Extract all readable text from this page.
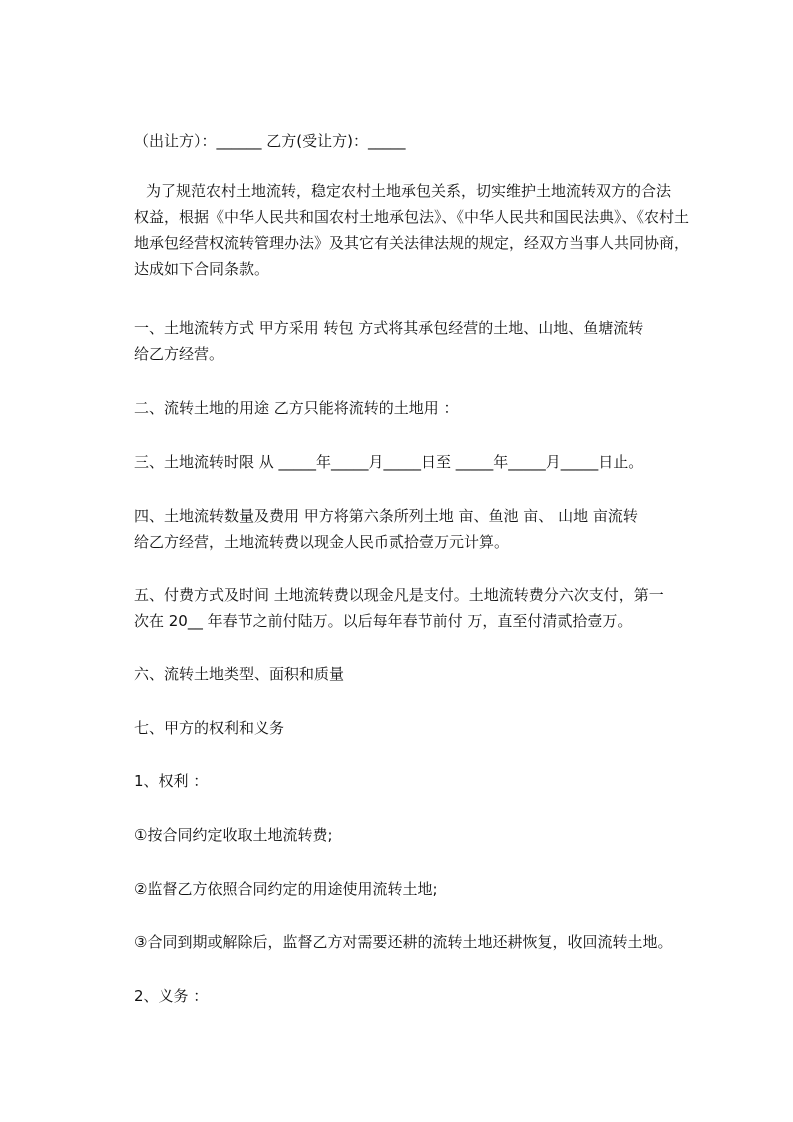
（出让方）：______ 乙方(受让方)：_____

为了规范农村土地流转，稳定农村土地承包关系，切实维护土地流转双方的合法
权益，根据《中华人民共和国农村土地承包法》、《中华人民共和国民法典》、《农村土
地承包经营权流转管理办法》及其它有关法律法规的规定，经双方当事人共同协商，
达成如下合同条款。
一、土地流转方式 甲方采用 转包 方式将其承包经营的土地、山地、鱼塘流转
给乙方经营。

二、流转土地的用途 乙方只能将流转的土地用 ：

三、土地流转时限 从 _____年_____月_____日至 _____年_____月_____日止。

四、土地流转数量及费用 甲方将第六条所列土地 亩、鱼池 亩、 山地 亩流转
给乙方经营，土地流转费以现金人民币贰拾壹万元计算。
五、付费方式及时间 土地流转费以现金凡是支付。土地流转费分六次支付，第一
次在 20__ 年春节之前付陆万。以后每年春节前付 万，直至付清贰拾壹万。

六、流转土地类型、面积和质量

七、甲方的权利和义务

1、权利 ：

①按合同约定收取土地流转费;

②监督乙方依照合同约定的用途使用流转土地;

③合同到期或解除后，监督乙方对需要还耕的流转土地还耕恢复，收回流转土地。

2、义务 ：
